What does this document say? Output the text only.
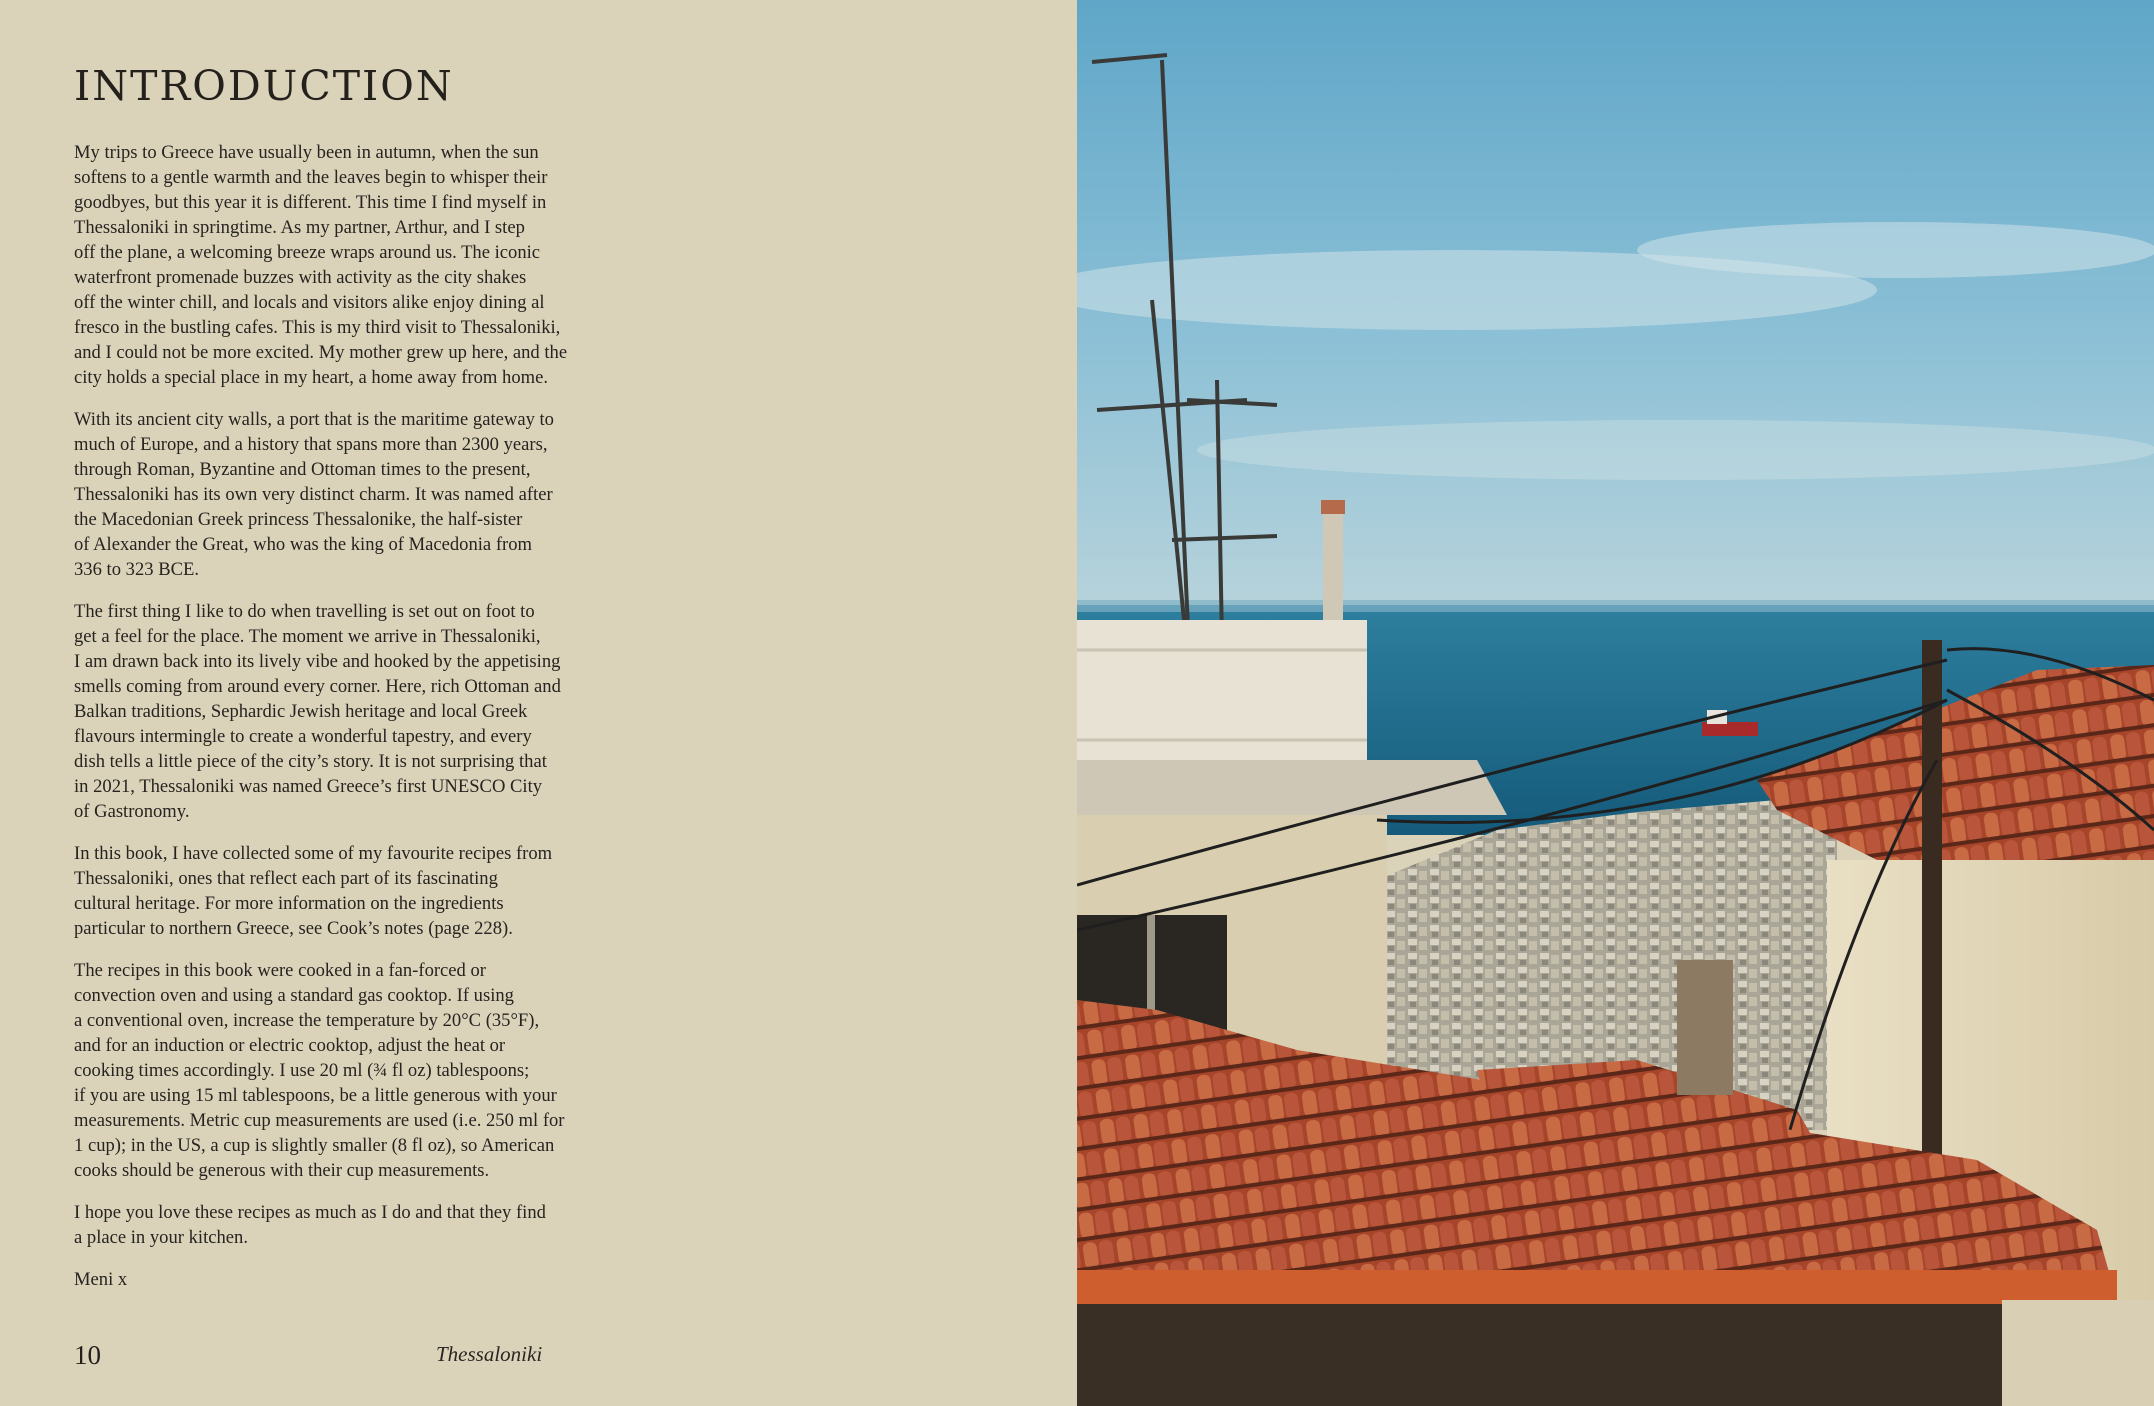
INTRODUCTION

My trips to Greece have usually been in autumn, when the sun
softens to a gentle warmth and the leaves begin to whisper their
goodbyes, but this year it is different. This time I find myself in
Thessaloniki in springtime. As my partner, Arthur, and I step
off the plane, a welcoming breeze wraps around us. The iconic
waterfront promenade buzzes with activity as the city shakes
off the winter chill, and locals and visitors alike enjoy dining al
fresco in the bustling cafes. This is my third visit to Thessaloniki,
and I could not be more excited. My mother grew up here, and the
city holds a special place in my heart, a home away from home.

With its ancient city walls, a port that is the maritime gateway to
much of Europe, and a history that spans more than 2300 years,
through Roman, Byzantine and Ottoman times to the present,
Thessaloniki has its own very distinct charm. It was named after
the Macedonian Greek princess Thessalonike, the half-sister
of Alexander the Great, who was the king of Macedonia from
336 to 323 BCE.

The first thing I like to do when travelling is set out on foot to
get a feel for the place. The moment we arrive in Thessaloniki,
I am drawn back into its lively vibe and hooked by the appetising
smells coming from around every corner. Here, rich Ottoman and
Balkan traditions, Sephardic Jewish heritage and local Greek
flavours intermingle to create a wonderful tapestry, and every
dish tells a little piece of the city’s story. It is not surprising that
in 2021, Thessaloniki was named Greece’s first UNESCO City
of Gastronomy.

In this book, I have collected some of my favourite recipes from
Thessaloniki, ones that reflect each part of its fascinating
cultural heritage. For more information on the ingredients
particular to northern Greece, see Cook’s notes (page 228).

The recipes in this book were cooked in a fan-forced or
convection oven and using a standard gas cooktop. If using
a conventional oven, increase the temperature by 20°C (35°F),
and for an induction or electric cooktop, adjust the heat or
cooking times accordingly. I use 20 ml (¾ fl oz) tablespoons;
if you are using 15 ml tablespoons, be a little generous with your
measurements. Metric cup measurements are used (i.e. 250 ml for
1 cup); in the US, a cup is slightly smaller (8 fl oz), so American
cooks should be generous with their cup measurements.

I hope you love these recipes as much as I do and that they find
a place in your kitchen.

Meni x

10	Thessaloniki
